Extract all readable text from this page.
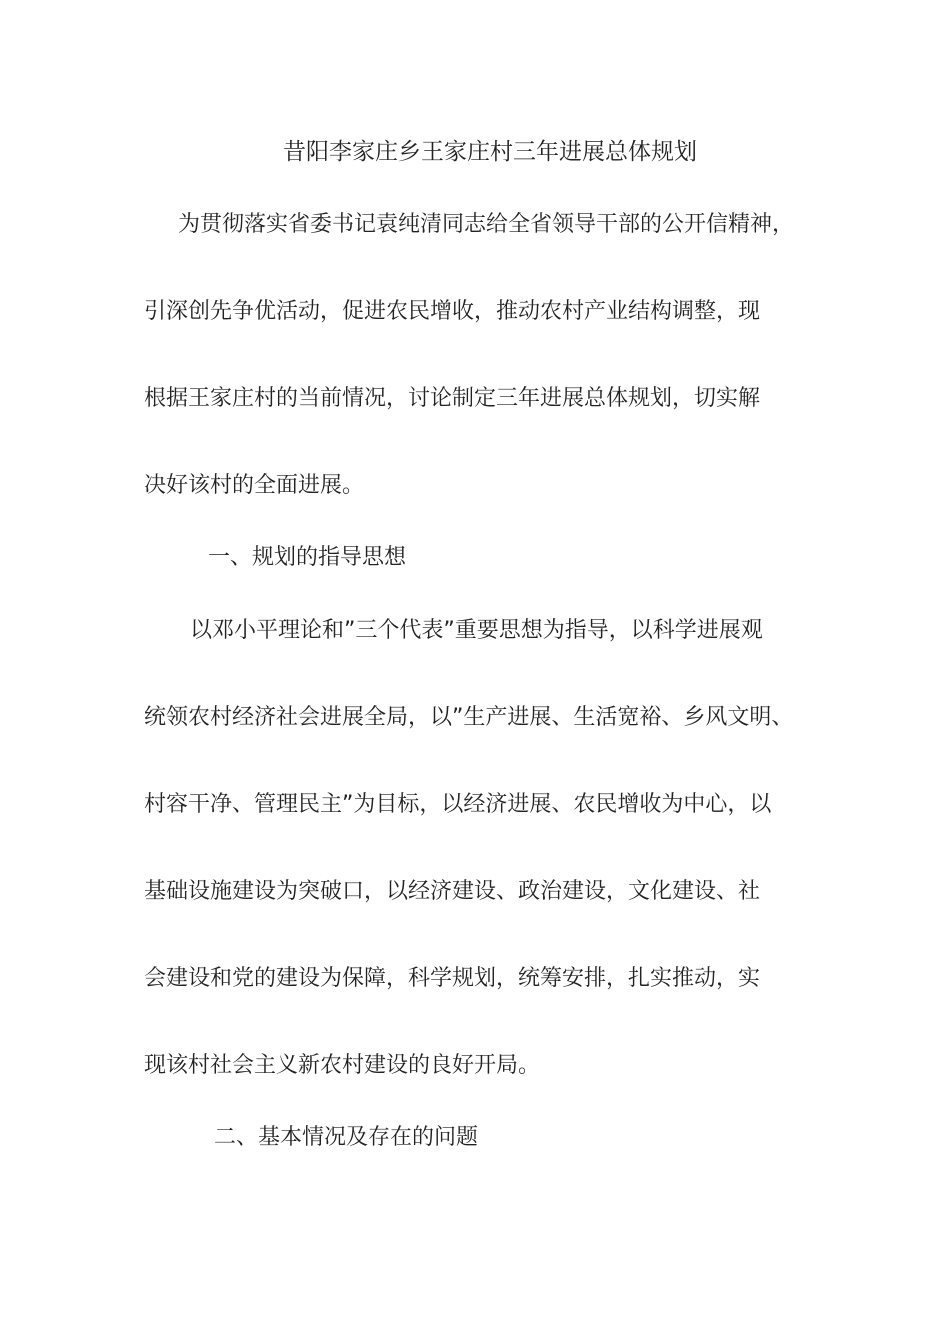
昔阳李家庄乡王家庄村三年进展总体规划
为贯彻落实省委书记袁纯清同志给全省领导干部的公开信精神，
引深创先争优活动，促进农民增收，推动农村产业结构调整，现
根据王家庄村的当前情况，讨论制定三年进展总体规划，切实解
决好该村的全面进展。
一、规划的指导思想
以邓小平理论和”三个代表”重要思想为指导，以科学进展观
统领农村经济社会进展全局，以”生产进展、生活宽裕、乡风文明、
村容干净、管理民主”为目标，以经济进展、农民增收为中心，以
基础设施建设为突破口，以经济建设、政治建设，文化建设、社
会建设和党的建设为保障，科学规划，统筹安排，扎实推动，实
现该村社会主义新农村建设的良好开局。
二、基本情况及存在的问题
